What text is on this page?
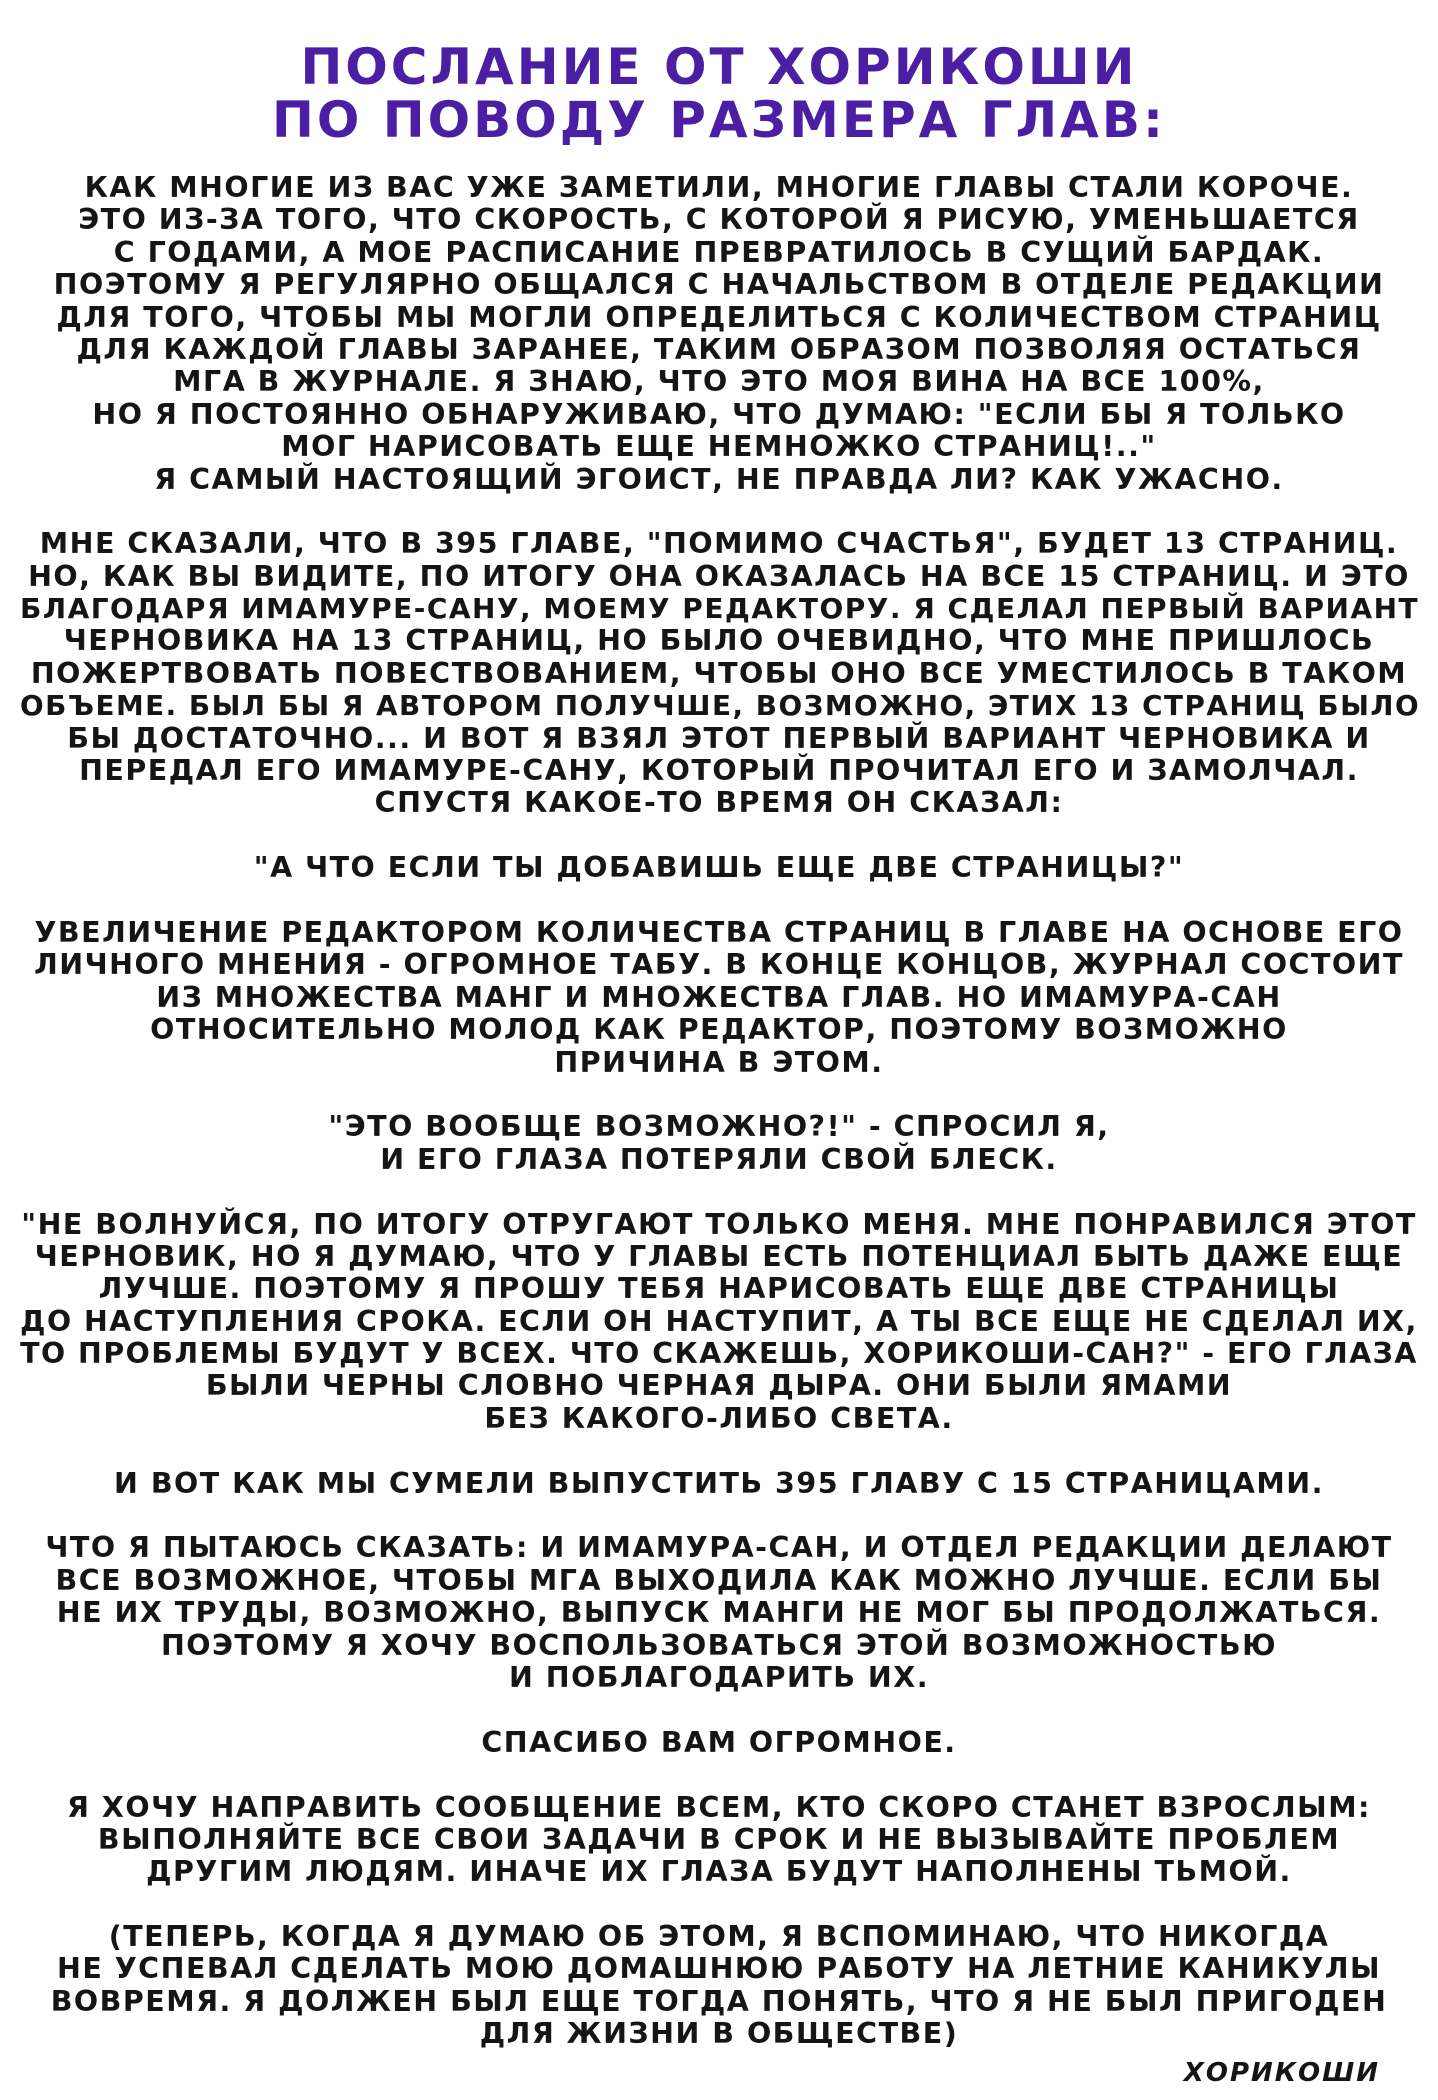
ПОСЛАНИЕ ОТ ХОРИКОШИ
ПО ПОВОДУ РАЗМЕРА ГЛАВ:
КАК МНОГИЕ ИЗ ВАС УЖЕ ЗАМЕТИЛИ, МНОГИЕ ГЛАВЫ СТАЛИ КОРОЧЕ.
ЭТО ИЗ-ЗА ТОГО, ЧТО СКОРОСТЬ, С КОТОРОЙ Я РИСУЮ, УМЕНЬШАЕТСЯ
С ГОДАМИ, А МОЕ РАСПИСАНИЕ ПРЕВРАТИЛОСЬ В СУЩИЙ БАРДАК.
ПОЭТОМУ Я РЕГУЛЯРНО ОБЩАЛСЯ С НАЧАЛЬСТВОМ В ОТДЕЛЕ РЕДАКЦИИ
ДЛЯ ТОГО, ЧТОБЫ МЫ МОГЛИ ОПРЕДЕЛИТЬСЯ С КОЛИЧЕСТВОМ СТРАНИЦ
ДЛЯ КАЖДОЙ ГЛАВЫ ЗАРАНЕЕ, ТАКИМ ОБРАЗОМ ПОЗВОЛЯЯ ОСТАТЬСЯ
МГА В ЖУРНАЛЕ. Я ЗНАЮ, ЧТО ЭТО МОЯ ВИНА НА ВСЕ 100%,
НО Я ПОСТОЯННО ОБНАРУЖИВАЮ, ЧТО ДУМАЮ: "ЕСЛИ БЫ Я ТОЛЬКО
МОГ НАРИСОВАТЬ ЕЩЕ НЕМНОЖКО СТРАНИЦ!.."
Я САМЫЙ НАСТОЯЩИЙ ЭГОИСТ, НЕ ПРАВДА ЛИ? КАК УЖАСНО.
МНЕ СКАЗАЛИ, ЧТО В 395 ГЛАВЕ, "ПОМИМО СЧАСТЬЯ", БУДЕТ 13 СТРАНИЦ.
НО, КАК ВЫ ВИДИТЕ, ПО ИТОГУ ОНА ОКАЗАЛАСЬ НА ВСЕ 15 СТРАНИЦ. И ЭТО
БЛАГОДАРЯ ИМАМУРЕ-САНУ, МОЕМУ РЕДАКТОРУ. Я СДЕЛАЛ ПЕРВЫЙ ВАРИАНТ
ЧЕРНОВИКА НА 13 СТРАНИЦ, НО БЫЛО ОЧЕВИДНО, ЧТО МНЕ ПРИШЛОСЬ
ПОЖЕРТВОВАТЬ ПОВЕСТВОВАНИЕМ, ЧТОБЫ ОНО ВСЕ УМЕСТИЛОСЬ В ТАКОМ
ОБЪЕМЕ. БЫЛ БЫ Я АВТОРОМ ПОЛУЧШЕ, ВОЗМОЖНО, ЭТИХ 13 СТРАНИЦ БЫЛО
БЫ ДОСТАТОЧНО... И ВОТ Я ВЗЯЛ ЭТОТ ПЕРВЫЙ ВАРИАНТ ЧЕРНОВИКА И
ПЕРЕДАЛ ЕГО ИМАМУРЕ-САНУ, КОТОРЫЙ ПРОЧИТАЛ ЕГО И ЗАМОЛЧАЛ.
СПУСТЯ КАКОЕ-ТО ВРЕМЯ ОН СКАЗАЛ:
"А ЧТО ЕСЛИ ТЫ ДОБАВИШЬ ЕЩЕ ДВЕ СТРАНИЦЫ?"
УВЕЛИЧЕНИЕ РЕДАКТОРОМ КОЛИЧЕСТВА СТРАНИЦ В ГЛАВЕ НА ОСНОВЕ ЕГО
ЛИЧНОГО МНЕНИЯ - ОГРОМНОЕ ТАБУ. В КОНЦЕ КОНЦОВ, ЖУРНАЛ СОСТОИТ
ИЗ МНОЖЕСТВА МАНГ И МНОЖЕСТВА ГЛАВ. НО ИМАМУРА-САН
ОТНОСИТЕЛЬНО МОЛОД КАК РЕДАКТОР, ПОЭТОМУ ВОЗМОЖНО
ПРИЧИНА В ЭТОМ.
"ЭТО ВООБЩЕ ВОЗМОЖНО?!" - СПРОСИЛ Я,
И ЕГО ГЛАЗА ПОТЕРЯЛИ СВОЙ БЛЕСК.
"НЕ ВОЛНУЙСЯ, ПО ИТОГУ ОТРУГАЮТ ТОЛЬКО МЕНЯ. МНЕ ПОНРАВИЛСЯ ЭТОТ
ЧЕРНОВИК, НО Я ДУМАЮ, ЧТО У ГЛАВЫ ЕСТЬ ПОТЕНЦИАЛ БЫТЬ ДАЖЕ ЕЩЕ
ЛУЧШЕ. ПОЭТОМУ Я ПРОШУ ТЕБЯ НАРИСОВАТЬ ЕЩЕ ДВЕ СТРАНИЦЫ
ДО НАСТУПЛЕНИЯ СРОКА. ЕСЛИ ОН НАСТУПИТ, А ТЫ ВСЕ ЕЩЕ НЕ СДЕЛАЛ ИХ,
ТО ПРОБЛЕМЫ БУДУТ У ВСЕХ. ЧТО СКАЖЕШЬ, ХОРИКОШИ-САН?" - ЕГО ГЛАЗА
БЫЛИ ЧЕРНЫ СЛОВНО ЧЕРНАЯ ДЫРА. ОНИ БЫЛИ ЯМАМИ
БЕЗ КАКОГО-ЛИБО СВЕТА.
И ВОТ КАК МЫ СУМЕЛИ ВЫПУСТИТЬ 395 ГЛАВУ С 15 СТРАНИЦАМИ.
ЧТО Я ПЫТАЮСЬ СКАЗАТЬ: И ИМАМУРА-САН, И ОТДЕЛ РЕДАКЦИИ ДЕЛАЮТ
ВСЕ ВОЗМОЖНОЕ, ЧТОБЫ МГА ВЫХОДИЛА КАК МОЖНО ЛУЧШЕ. ЕСЛИ БЫ
НЕ ИХ ТРУДЫ, ВОЗМОЖНО, ВЫПУСК МАНГИ НЕ МОГ БЫ ПРОДОЛЖАТЬСЯ.
ПОЭТОМУ Я ХОЧУ ВОСПОЛЬЗОВАТЬСЯ ЭТОЙ ВОЗМОЖНОСТЬЮ
И ПОБЛАГОДАРИТЬ ИХ.
СПАСИБО ВАМ ОГРОМНОЕ.
Я ХОЧУ НАПРАВИТЬ СООБЩЕНИЕ ВСЕМ, КТО СКОРО СТАНЕТ ВЗРОСЛЫМ:
ВЫПОЛНЯЙТЕ ВСЕ СВОИ ЗАДАЧИ В СРОК И НЕ ВЫЗЫВАЙТЕ ПРОБЛЕМ
ДРУГИМ ЛЮДЯМ. ИНАЧЕ ИХ ГЛАЗА БУДУТ НАПОЛНЕНЫ ТЬМОЙ.
(ТЕПЕРЬ, КОГДА Я ДУМАЮ ОБ ЭТОМ, Я ВСПОМИНАЮ, ЧТО НИКОГДА
НЕ УСПЕВАЛ СДЕЛАТЬ МОЮ ДОМАШНЮЮ РАБОТУ НА ЛЕТНИЕ КАНИКУЛЫ
ВОВРЕМЯ. Я ДОЛЖЕН БЫЛ ЕЩЕ ТОГДА ПОНЯТЬ, ЧТО Я НЕ БЫЛ ПРИГОДЕН
ДЛЯ ЖИЗНИ В ОБЩЕСТВЕ)
ХОРИКОШИ
